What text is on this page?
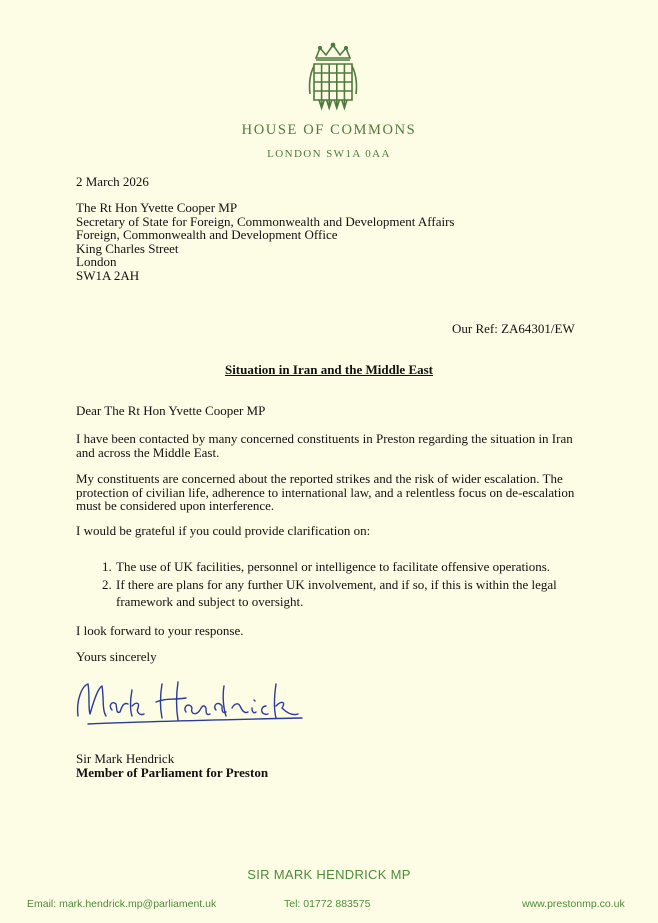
HOUSE OF COMMONS
LONDON SW1A 0AA
2 March 2026
The Rt Hon Yvette Cooper MP
Secretary of State for Foreign, Commonwealth and Development Affairs
Foreign, Commonwealth and Development Office
King Charles Street
London
SW1A 2AH
Our Ref: ZA64301/EW
Situation in Iran and the Middle East
Dear The Rt Hon Yvette Cooper MP
I have been contacted by many concerned constituents in Preston regarding the situation in Iran and across the Middle East.
My constituents are concerned about the reported strikes and the risk of wider escalation. The protection of civilian life, adherence to international law, and a relentless focus on de-escalation must be considered upon interference.
I would be grateful if you could provide clarification on:
1. The use of UK facilities, personnel or intelligence to facilitate offensive operations.
2. If there are plans for any further UK involvement, and if so, if this is within the legal framework and subject to oversight.
I look forward to your response.
Yours sincerely
Sir Mark Hendrick
Member of Parliament for Preston
SIR MARK HENDRICK MP
Email: mark.hendrick.mp@parliament.uk	Tel: 01772 883575	www.prestonmp.co.uk
